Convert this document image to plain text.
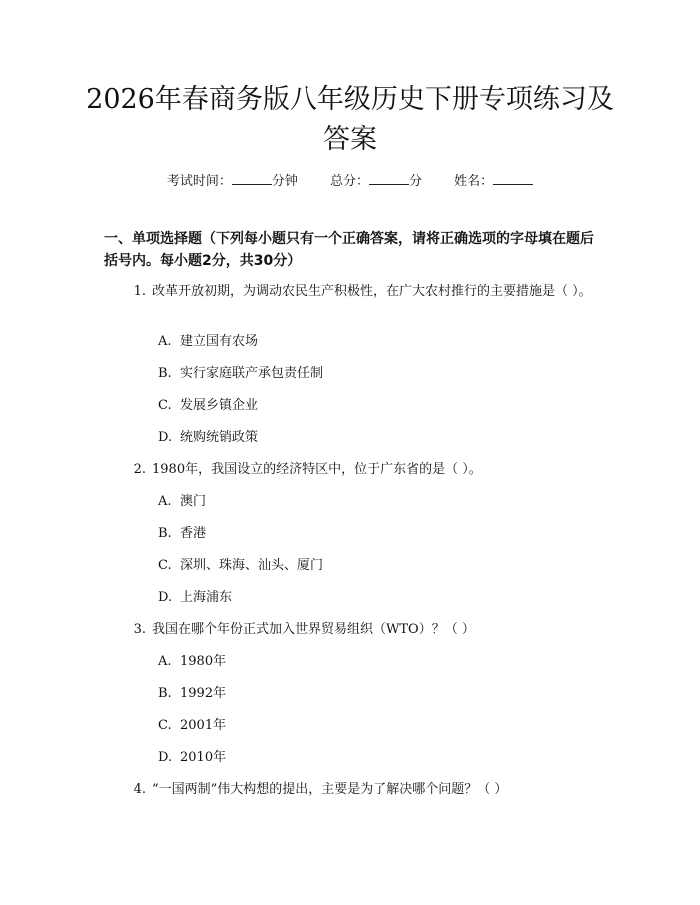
2026年春商务版八年级历史下册专项练习及答案
考试时间：	分钟 总分：	分 姓名：

一、单项选择题（下列每小题只有一个正确答案，请将正确选项的字母填在题后括号内。每小题2分，共30分）

1. 改革开放初期，为调动农民生产积极性，在广大农村推行的主要措施是（ ）。
A. 建立国有农场
B. 实行家庭联产承包责任制
C. 发展乡镇企业
D. 统购统销政策
2. 1980年，我国设立的经济特区中，位于广东省的是（ ）。
A. 澳门
B. 香港
C. 深圳、珠海、汕头、厦门
D. 上海浦东
3. 我国在哪个年份正式加入世界贸易组织（WTO）？（ ）
A. 1980年
B. 1992年
C. 2001年
D. 2010年
4. “一国两制”伟大构想的提出，主要是为了解决哪个问题？（ ）
